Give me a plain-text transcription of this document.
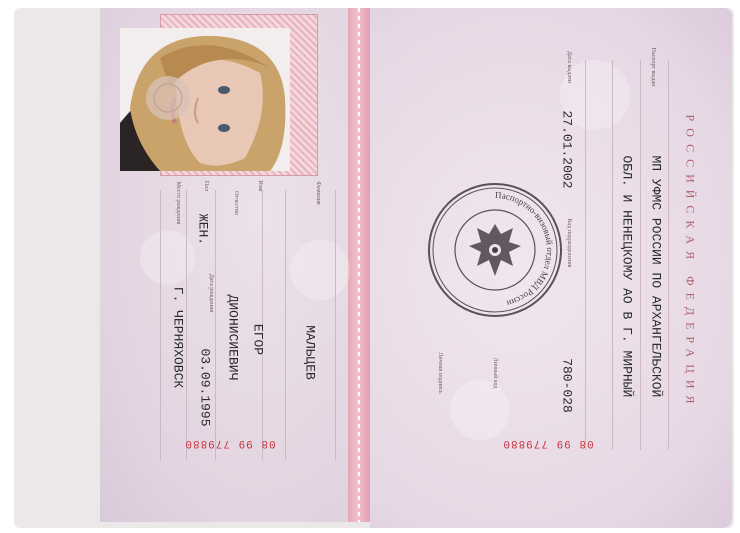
Фамилия
Имя
Отчество
Пол
Дата рождения
Место рождения
МАЛЬЦЕВ
ЕГОР
ДИОНИСИЕВИЧ
ЖЕН.
03.09.1995
Г. ЧЕРНЯХОВСК
08 99 779880
РОССИЙСКАЯ ФЕДЕРАЦИЯ
Паспорт выдан
Дата выдачи
Код подразделения
Личный код
Личная подпись	МП УФМС РОССИИ ПО АРХАНГЕЛЬСКОЙ
ОБЛ. И НЕНЕЦКОМУ АО В Г. МИРНЫЙ
27.01.2002
780-028
Паспортно-визовый отдел МВД России
08 99 779880
